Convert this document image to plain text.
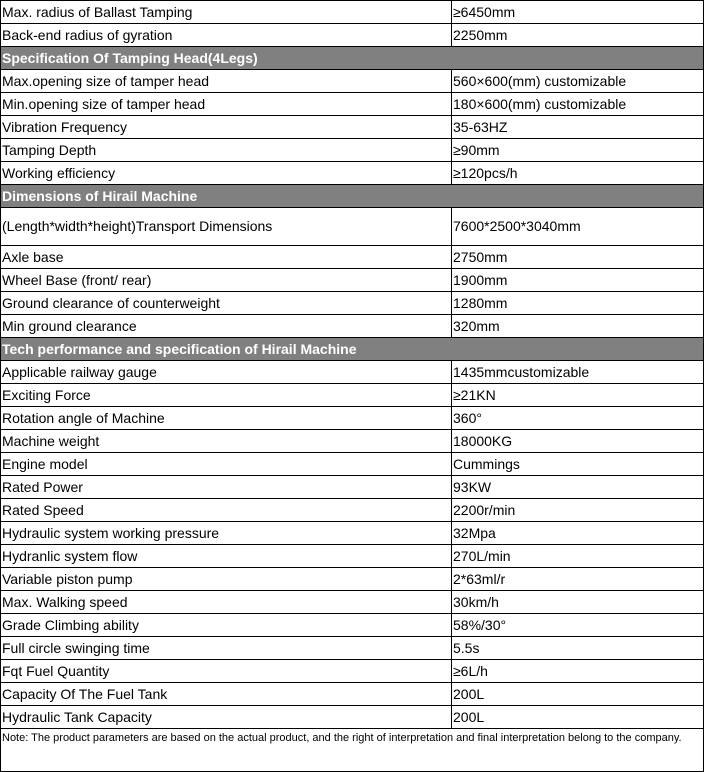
Max. radius of Ballast Tamping	≥6450mm
Back-end radius of gyration	2250mm
Specification Of Tamping Head(4Legs)	
Max.opening size of tamper head	560×600(mm) customizable
Min.opening size of tamper head	180×600(mm) customizable
Vibration Frequency	35-63HZ
Tamping Depth	≥90mm
Working efficiency	≥120pcs/h
Dimensions of Hirail Machine	
(Length*width*height)Transport Dimensions	7600*2500*3040mm
Axle base	2750mm
Wheel Base (front/ rear)	1900mm
Ground clearance of counterweight	1280mm
Min ground clearance	320mm
Tech performance and specification of Hirail Machine	
Applicable railway gauge	1435mmcustomizable
Exciting Force	≥21KN
Rotation angle of Machine	360°
Machine weight	18000KG
Engine model	Cummings
Rated Power	93KW
Rated Speed	2200r/min
Hydraulic system working pressure	32Mpa
Hydranlic system flow	270L/min
Variable piston pump	2*63ml/r
Max. Walking speed	30km/h
Grade Climbing ability	58%/30°
Full circle swinging time	5.5s
Fqt Fuel Quantity	≥6L/h
Capacity Of The Fuel Tank	200L
Hydraulic Tank Capacity	200L
Note: The product parameters are based on the actual product, and the right of interpretation and final interpretation belong to the company.	
